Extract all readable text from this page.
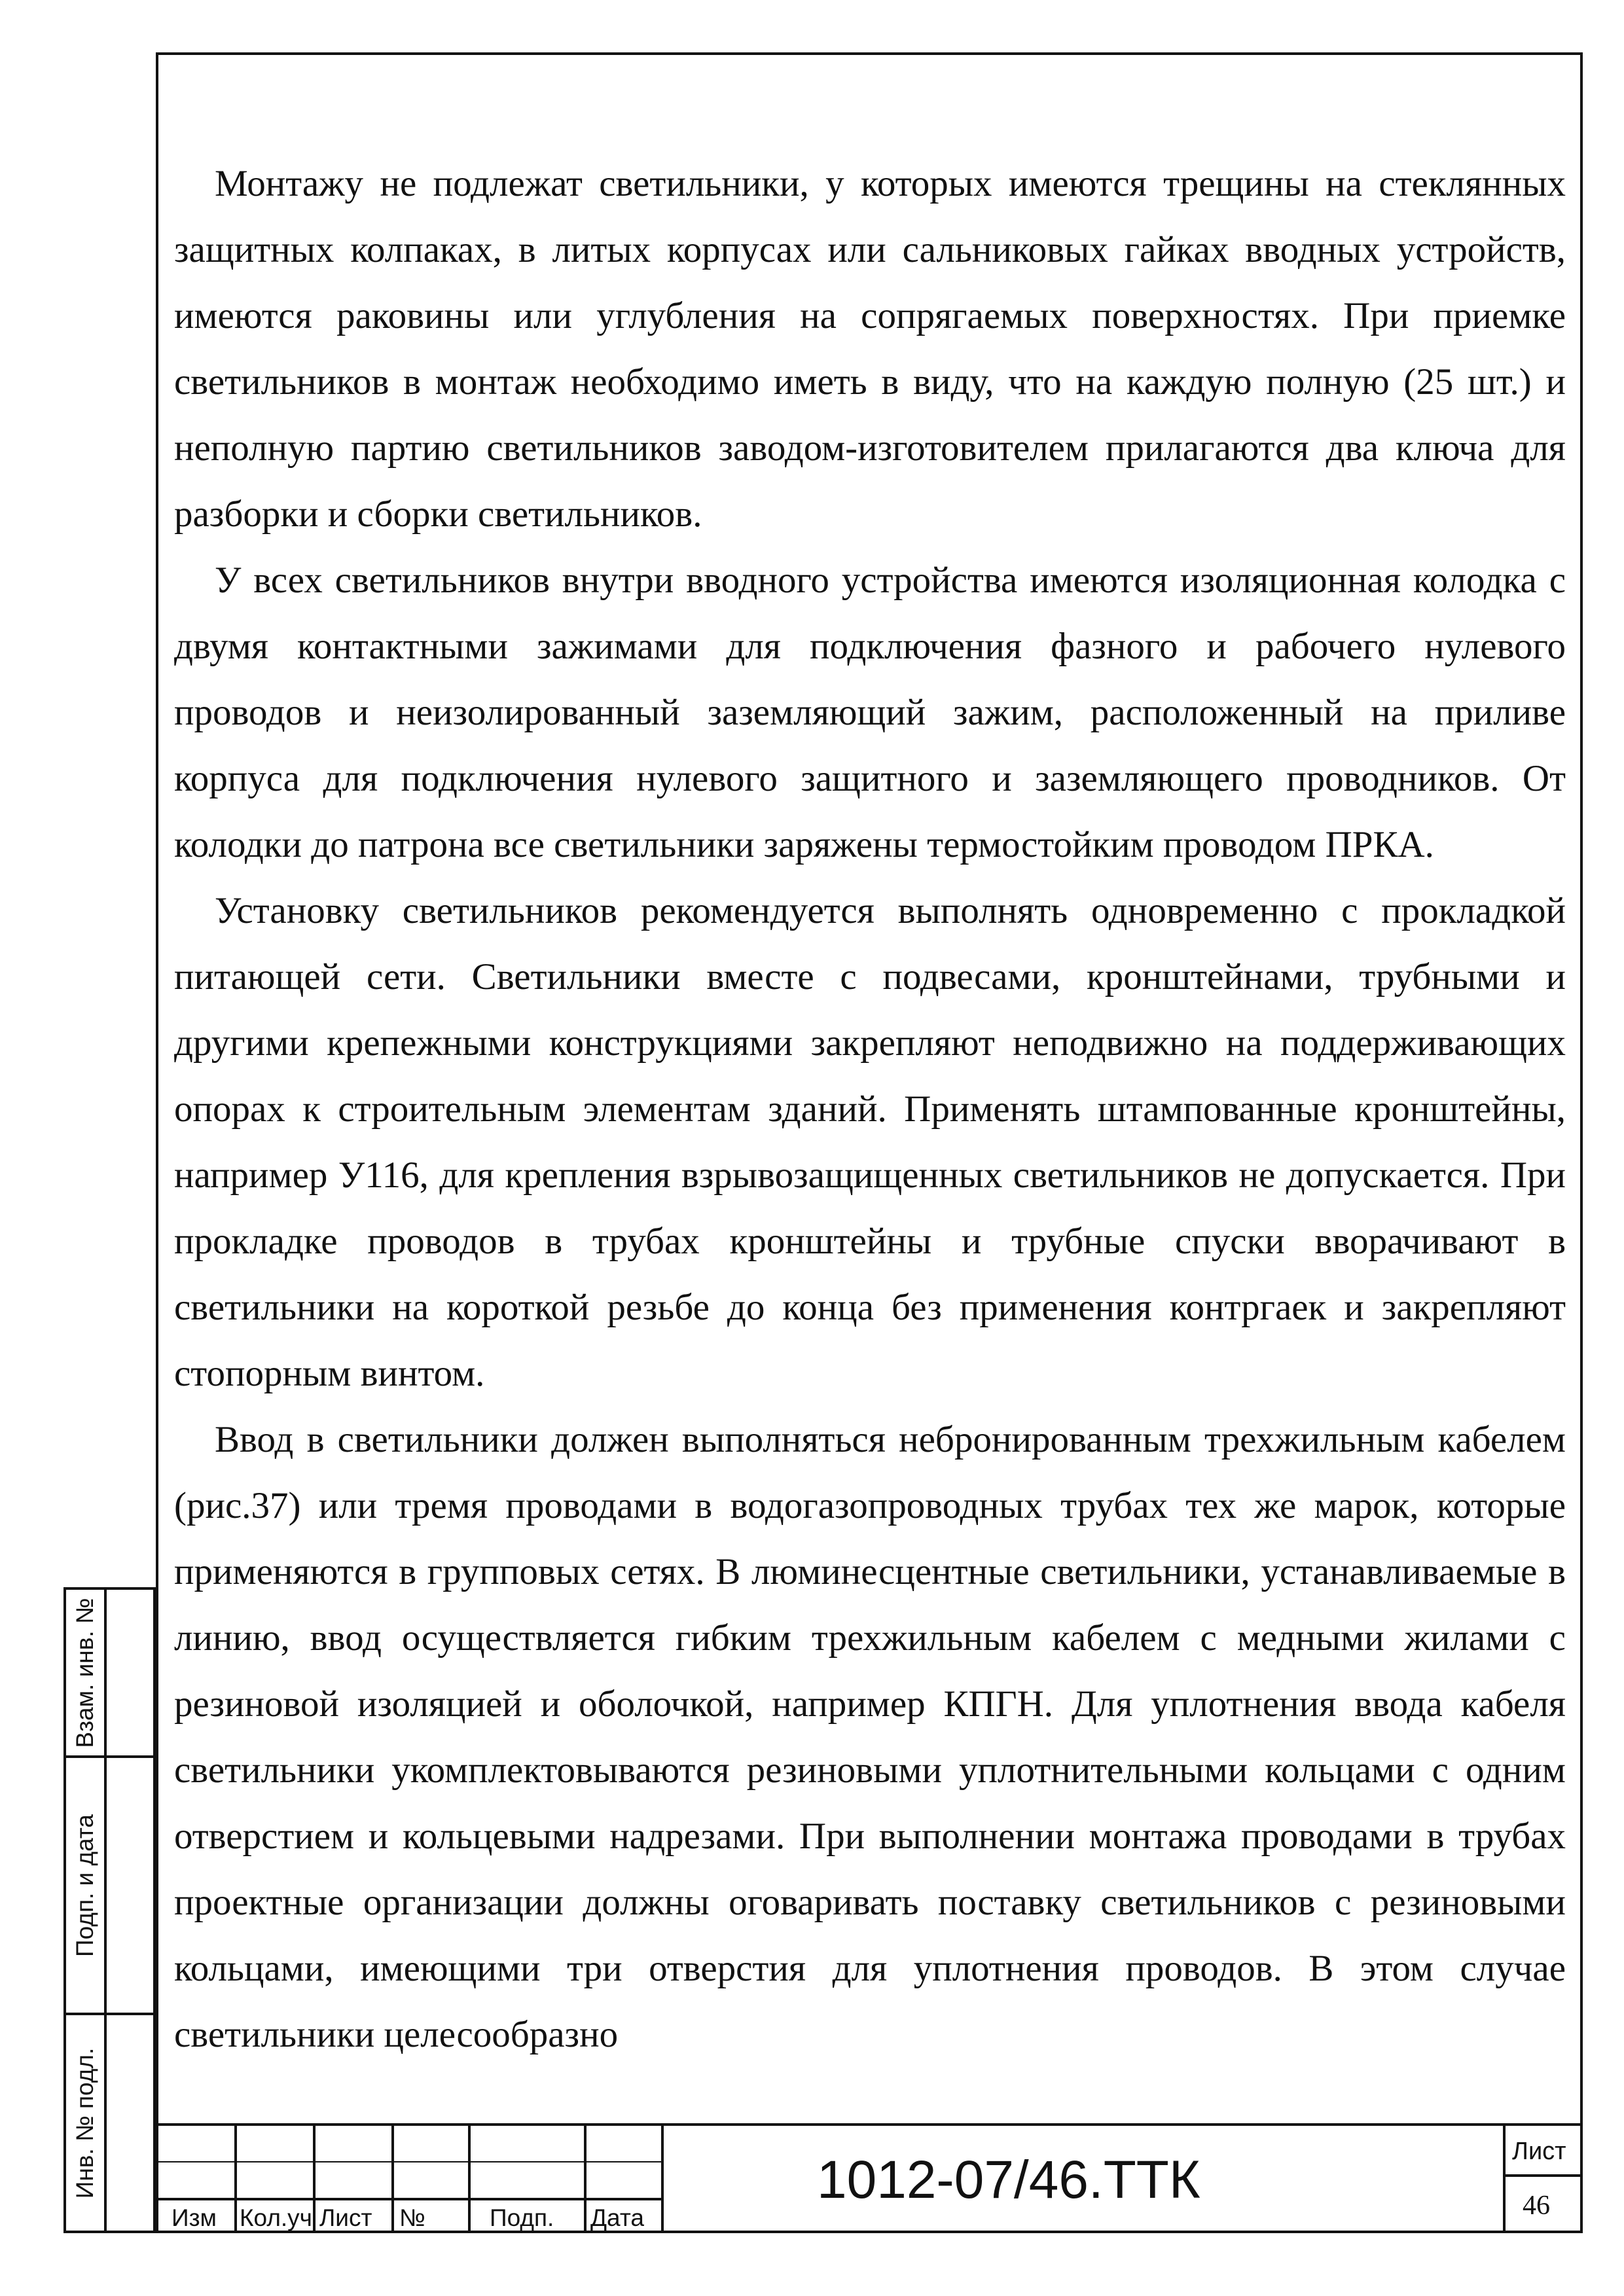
Монтажу не подлежат светильники, у которых имеются трещины на стеклянных защитных колпаках, в литых корпусах или сальниковых гайках вводных устройств, имеются раковины или углубления на сопрягаемых поверхностях. При приемке светильников в монтаж необходимо иметь в виду, что на каждую полную (25 шт.) и неполную партию светильников заводом-изготовителем прилагаются два ключа для разборки и сборки светильников.

У всех светильников внутри вводного устройства имеются изоляционная колодка с двумя контактными зажимами для подключения фазного и рабочего нулевого проводов и неизолированный заземляющий зажим, расположенный на приливе корпуса для подключения нулевого защитного и заземляющего проводников. От колодки до патрона все светильники заряжены термостойким проводом ПРКА.

Установку светильников рекомендуется выполнять одновременно с прокладкой питающей сети. Светильники вместе с подвесами, кронштейнами, трубными и другими крепежными конструкциями закрепляют неподвижно на поддерживающих опорах к строительным элементам зданий. Применять штампованные кронштейны, например У116, для крепления взрывозащищенных светильников не допускается. При прокладке проводов в трубах кронштейны и трубные спуски вворачивают в светильники на короткой резьбе до конца без применения контргаек и закрепляют стопорным винтом.

Ввод в светильники должен выполняться небронированным трехжильным кабелем (рис.37) или тремя проводами в водогазопроводных трубах тех же марок, которые применяются в групповых сетях. В люминесцентные светильники, устанавливаемые в линию, ввод осуществляется гибким трехжильным кабелем с медными жилами с резиновой изоляцией и оболочкой, например КПГН. Для уплотнения ввода кабеля светильники укомплектовываются резиновыми уплотнительными кольцами с одним отверстием и кольцевыми надрезами. При выполнении монтажа проводами в трубах проектные организации должны оговаривать поставку светильников с резиновыми кольцами, имеющими три отверстия для уплотнения проводов. В этом случае светильники целесообразно

Взам. инв. №
Подп. и дата
Инв. № подл.
Изм Кол.уч Лист №	Подп. Дата
1012-07/46.ТТК	Лист
46
